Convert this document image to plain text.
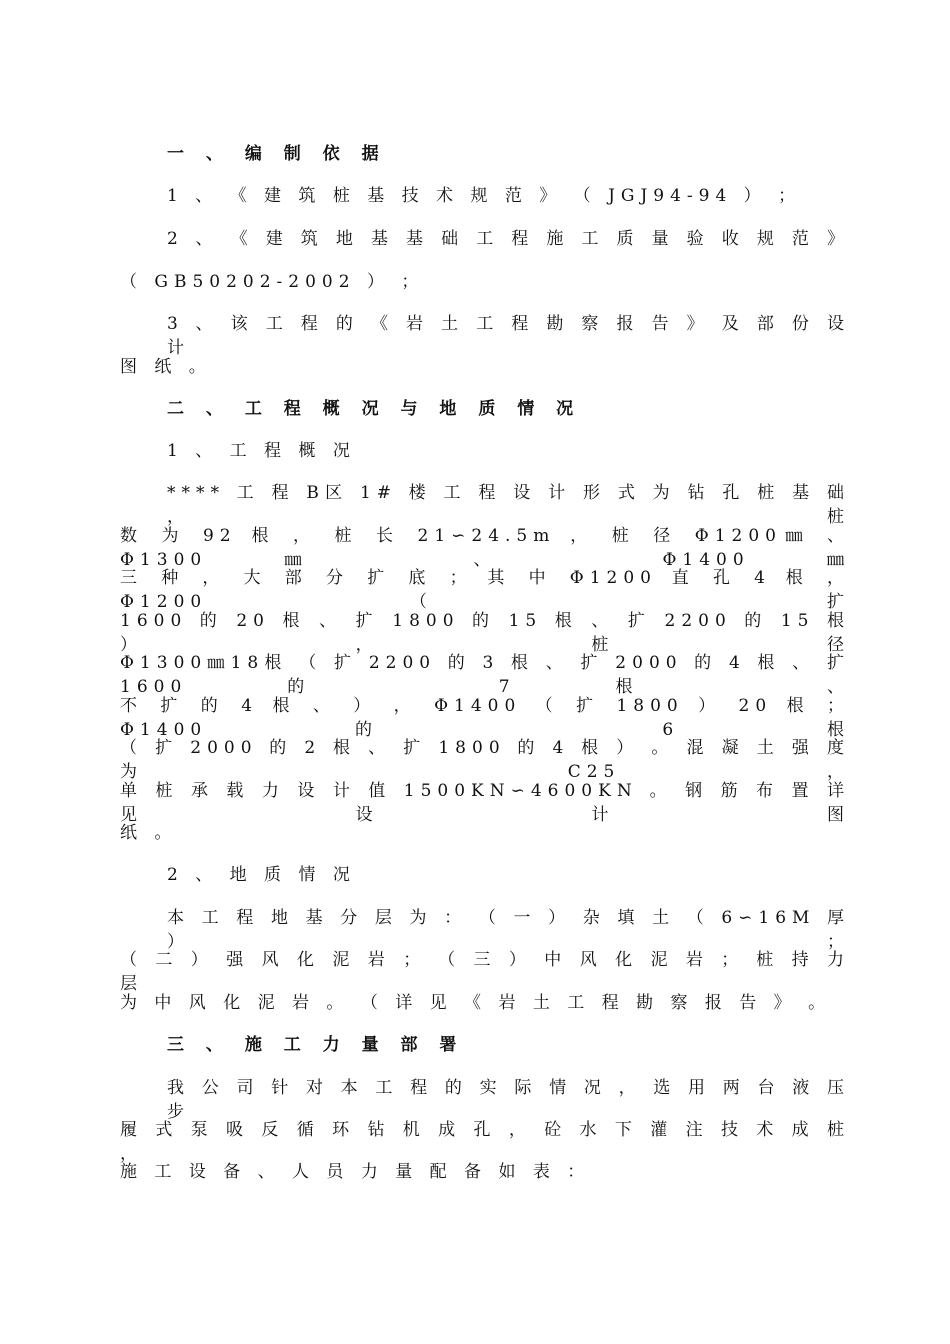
一 、 编 制 依 据
1 、 《 建 筑 桩 基 技 术 规 范 》 （ JGJ94-94 ） ；
2 、 《 建 筑 地 基 基 础 工 程 施 工 质 量 验 收 规 范 》
（ GB50202-2002 ） ；
3 、 该 工 程 的 《 岩 土 工 程 勘 察 报 告 》 及 部 份 设 计
图 纸 。
二 、 工 程 概 况 与 地 质 情 况
1 、 工 程 概 况
**** 工 程 B区 1# 楼 工 程 设 计 形 式 为 钻 孔 桩 基 础 ， 桩
数 为 92 根 ， 桩 长 21∽24.5m ， 桩 径 Φ1200㎜ 、 Φ1300㎜ 、 Φ1400㎜
三 种 ， 大 部 分 扩 底 ； 其 中 Φ1200 直 孔 4 根 ， Φ1200 （ 扩
1600 的 20 根 、 扩 1800 的 15 根 、 扩 2200 的 15 根 ） ， 桩 径
Φ1300㎜18根 （ 扩 2200 的 3 根 、 扩 2000 的 4 根 、 扩 1600 的 7 根 、
不 扩 的 4 根 、 ） ， Φ1400 （ 扩 1800 ） 20 根 ； Φ1400 的 6 根
（ 扩 2000 的 2 根 、 扩 1800 的 4 根 ） 。 混 凝 土 强 度 为 C25，
单 桩 承 载 力 设 计 值 1500KN∽4600KN 。 钢 筋 布 置 详 见 设 计 图
纸 。
2 、 地 质 情 况
本 工 程 地 基 分 层 为 ： （ 一 ） 杂 填 土 （ 6∽16M 厚 ）；
（ 二 ） 强 风 化 泥 岩 ； （ 三 ） 中 风 化 泥 岩 ； 桩 持 力 层
为 中 风 化 泥 岩 。 （ 详 见 《 岩 土 工 程 勘 察 报 告 》 。
三 、 施 工 力 量 部 署
我 公 司 针 对 本 工 程 的 实 际 情 况 ， 选 用 两 台 液 压 步
履 式 泵 吸 反 循 环 钻 机 成 孔 ， 砼 水 下 灌 注 技 术 成 桩 ，
施 工 设 备 、 人 员 力 量 配 备 如 表 ：
